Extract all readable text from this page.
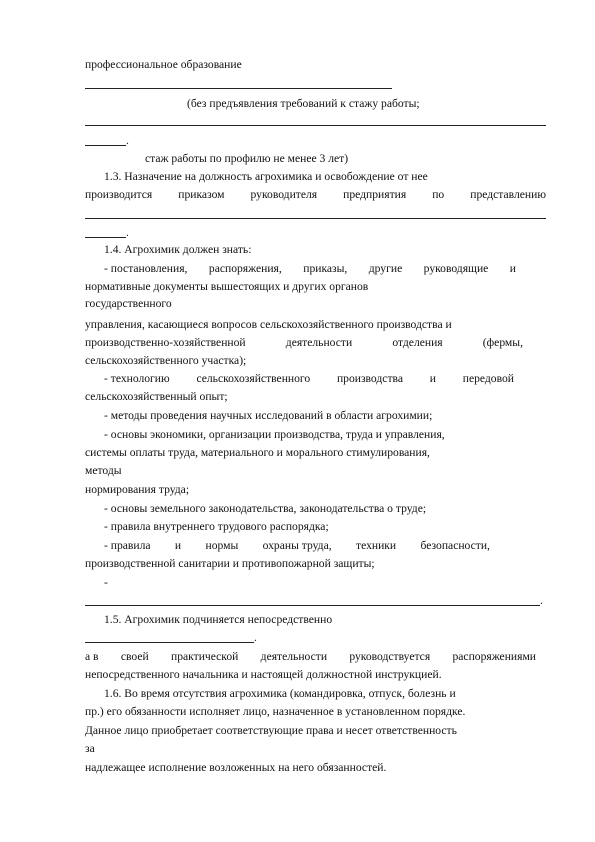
профессиональное образование
(без предъявления требований к стажу работы;
.
стаж работы по профилю не менее 3 лет)
1.3. Назначение на должность агрохимика и освобождение от нее
производится приказом руководителя предприятия по представлению
.
1.4. Агрохимик должен знать:
- постановления, распоряжения, приказы, другие руководящие и
нормативные документы вышестоящих и других органов
государственного
управления, касающиеся вопросов сельскохозяйственного производства и
производственно-хозяйственной	деятельности	отделения	(фермы,
сельскохозяйственного участка);
- технологию сельскохозяйственного производства и передовой
сельскохозяйственный опыт;
- методы проведения научных исследований в области агрохимии;
- основы экономики, организации производства, труда и управления,
системы оплаты труда, материального и морального стимулирования,
методы
нормирования труда;
- основы земельного законодательства, законодательства о труде;
- правила внутреннего трудового распорядка;
- правила и нормы охраны труда, техники безопасности,
производственной санитарии и противопожарной защиты;
-
.
1.5. Агрохимик подчиняется непосредственно
.
а в своей практической деятельности руководствуется распоряжениями
непосредственного начальника и настоящей должностной инструкцией.
1.6. Во время отсутствия агрохимика (командировка, отпуск, болезнь и
пр.) его обязанности исполняет лицо, назначенное в установленном порядке.
Данное лицо приобретает соответствующие права и несет ответственность
за
надлежащее исполнение возложенных на него обязанностей.
